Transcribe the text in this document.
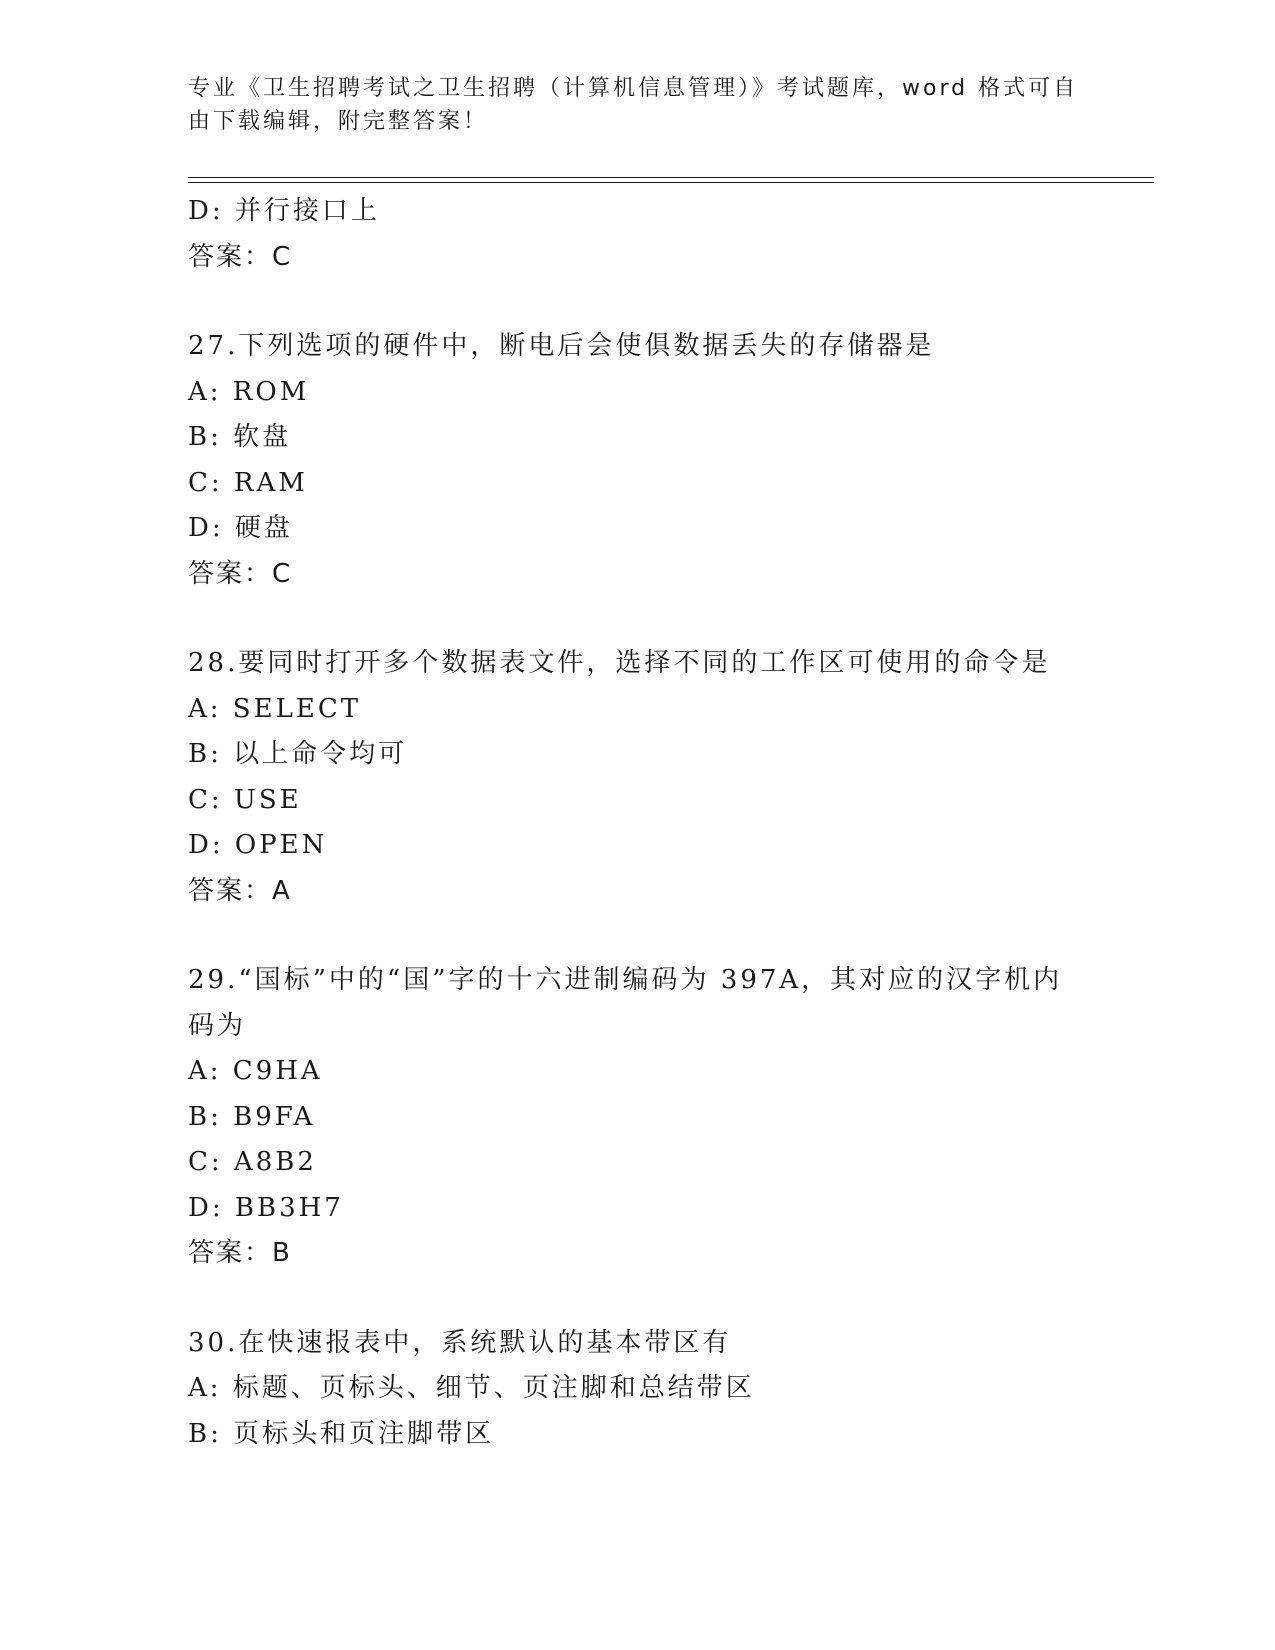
专业《卫生招聘考试之卫生招聘（计算机信息管理）》考试题库，word 格式可自
由下载编辑，附完整答案！
D: 并行接口上
答案：C
27.下列选项的硬件中，断电后会使俱数据丢失的存储器是
A: ROM
B: 软盘
C: RAM
D: 硬盘
答案：C
28.要同时打开多个数据表文件，选择不同的工作区可使用的命令是
A: SELECT
B: 以上命令均可
C: USE
D: OPEN
答案：A
29.“国标”中的“国”字的十六进制编码为 397A，其对应的汉字机内
码为
A: C9HA
B: B9FA
C: A8B2
D: BB3H7
答案：B
30.在快速报表中，系统默认的基本带区有
A: 标题、页标头、细节、页注脚和总结带区
B: 页标头和页注脚带区
